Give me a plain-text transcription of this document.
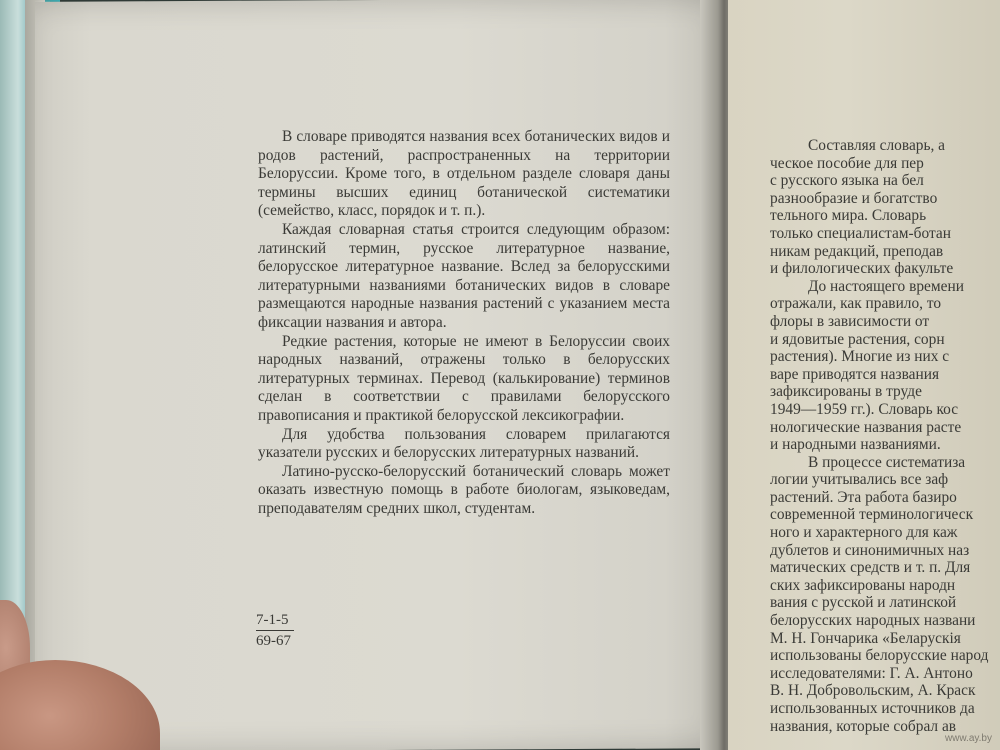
В словаре приводятся названия всех ботанических видов и родов растений, распространенных на территории Белоруссии. Кроме того, в отдельном разделе словаря даны термины высших единиц ботанической систематики (семейство, класс, порядок и т. п.).

Каждая словарная статья строится следующим образом: латинский термин, русское литературное название, белорусское литературное название. Вслед за белорусскими литературными названиями ботанических видов в словаре размещаются народные названия растений с указанием места фиксации названия и автора.

Редкие растения, которые не имеют в Белоруссии своих народных названий, отражены только в белорусских литературных терминах. Перевод (калькирование) терминов сделан в соответствии с правилами белорусского правописания и практикой белорусской лексикографии.

Для удобства пользования словарем прилагаются указатели русских и белорусских литературных названий.

Латино-русско-белорусский ботанический словарь может оказать известную помощь в работе биологам, языковедам, преподавателям средних школ, студентам.

7-1-5
69-67
Составляя словарь, а
ческое пособие для пер
с русского языка на бел
разнообразие и богатство
тельного мира. Словарь
только специалистам-ботан
никам редакций, преподав
и филологических факульте
До настоящего времени
отражали, как правило, то
флоры в зависимости от
и ядовитые растения, сорн
растения). Многие из них с
варе приводятся названия
зафиксированы в труде
1949—1959 гг.). Словарь кос
нологические названия расте
и народными названиями.
В процессе систематиза
логии учитывались все заф
растений. Эта работа базиро
современной терминологическ
ного и характерного для каж
дублетов и синонимичных наз
матических средств и т. п. Для
ских зафиксированы народн
вания с русской и латинской
белорусских народных названи
М. Н. Гончарика «Беларускія
использованы белорусские народ
исследователями: Г. А. Антоно
В. Н. Добровольским, А. Краск
использованных источников да
названия, которые собрал ав
www.ay.by
